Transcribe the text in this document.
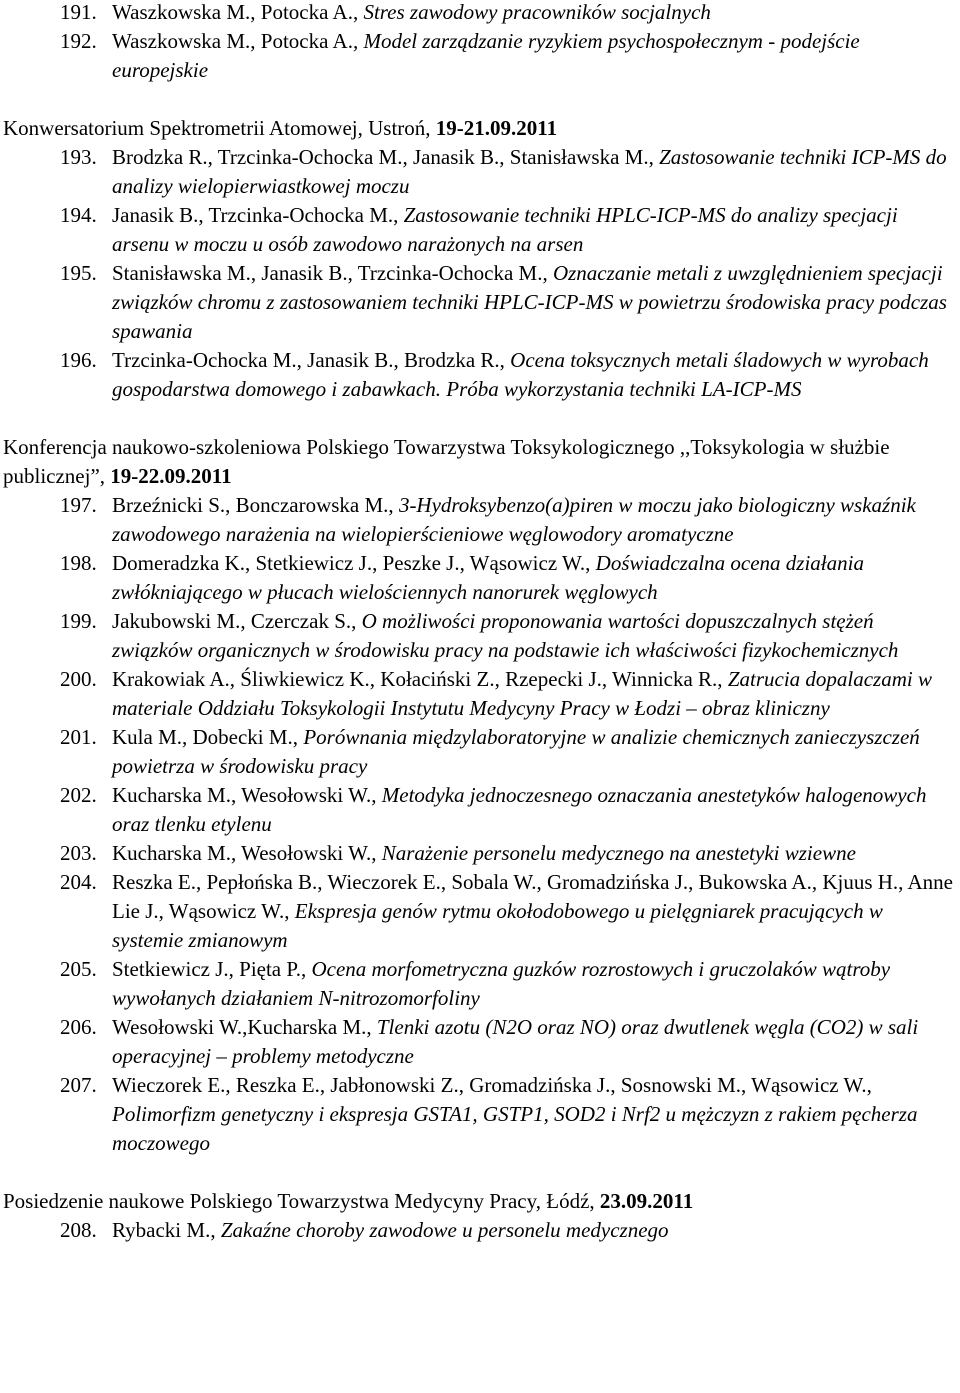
191. Waszkowska M., Potocka A., Stres zawodowy pracowników socjalnych
192. Waszkowska M., Potocka A., Model zarządzanie ryzykiem psychospołecznym - podejście europejskie
Konwersatorium Spektrometrii Atomowej, Ustroń, 19-21.09.2011
193. Brodzka R., Trzcinka-Ochocka M., Janasik B., Stanisławska M., Zastosowanie techniki ICP-MS do analizy wielopierwiastkowej moczu
194. Janasik B., Trzcinka-Ochocka M., Zastosowanie techniki HPLC-ICP-MS do analizy specjacji arsenu w moczu u osób zawodowo narażonych na arsen
195. Stanisławska M., Janasik B., Trzcinka-Ochocka M., Oznaczanie metali z uwzględnieniem specjacji związków chromu z zastosowaniem techniki HPLC-ICP-MS w powietrzu środowiska pracy podczas spawania
196. Trzcinka-Ochocka M., Janasik B., Brodzka R., Ocena toksycznych metali śladowych w wyrobach gospodarstwa domowego i zabawkach. Próba wykorzystania techniki LA-ICP-MS
Konferencja naukowo-szkoleniowa Polskiego Towarzystwa Toksykologicznego ,,Toksykologia w służbie publicznej”, 19-22.09.2011
197. Brzeźnicki S., Bonczarowska M., 3-Hydroksybenzo(a)piren w moczu jako biologiczny wskaźnik zawodowego narażenia na wielopierścieniowe węglowodory aromatyczne
198. Domeradzka K., Stetkiewicz J., Peszke J., Wąsowicz W., Doświadczalna ocena działania zwłókniającego w płucach wielościennych nanorurek węglowych
199. Jakubowski M., Czerczak S., O możliwości proponowania wartości dopuszczalnych stężeń związków organicznych w środowisku pracy na podstawie ich właściwości fizykochemicznych
200. Krakowiak A., Śliwkiewicz K., Kołaciński Z., Rzepecki J., Winnicka R., Zatrucia dopalaczami w materiale Oddziału Toksykologii Instytutu Medycyny Pracy w Łodzi – obraz kliniczny
201. Kula M., Dobecki M., Porównania międzylaboratoryjne w analizie chemicznych zanieczyszczeń powietrza w środowisku pracy
202. Kucharska M., Wesołowski W., Metodyka jednoczesnego oznaczania anestetyków halogenowych oraz tlenku etylenu
203. Kucharska M., Wesołowski W., Narażenie personelu medycznego na anestetyki wziewne
204. Reszka E., Pepłońska B., Wieczorek E., Sobala W., Gromadzińska J., Bukowska A., Kjuus H., Anne Lie J., Wąsowicz W., Ekspresja genów rytmu okołodobowego u pielęgniarek pracujących w systemie zmianowym
205. Stetkiewicz J., Pięta P., Ocena morfometryczna guzków rozrostowych i gruczolaków wątroby wywołanych działaniem N-nitrozomorfoliny
206. Wesołowski W.,Kucharska M., Tlenki azotu (N2O oraz NO) oraz dwutlenek węgla (CO2) w sali operacyjnej – problemy metodyczne
207. Wieczorek E., Reszka E., Jabłonowski Z., Gromadzińska J., Sosnowski M., Wąsowicz W., Polimorfizm genetyczny i ekspresja GSTA1, GSTP1, SOD2 i Nrf2 u mężczyzn z rakiem pęcherza moczowego
Posiedzenie naukowe Polskiego Towarzystwa Medycyny Pracy, Łódź, 23.09.2011
208. Rybacki M., Zakaźne choroby zawodowe u personelu medycznego
